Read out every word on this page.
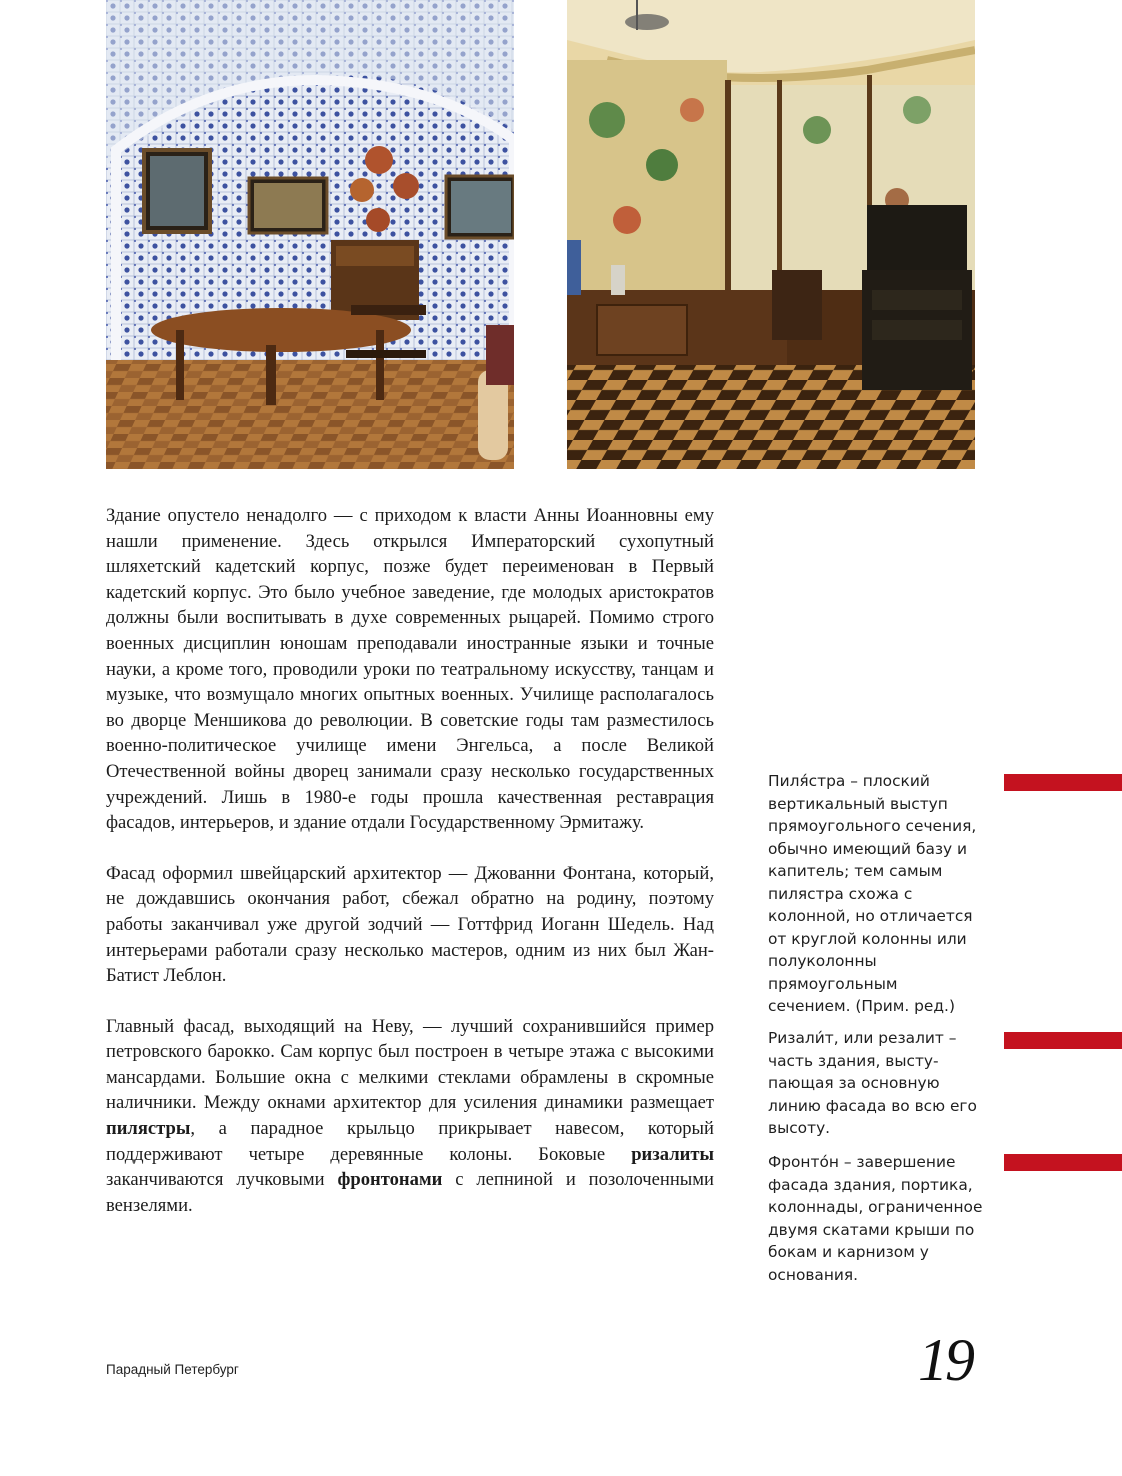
Здание опустело ненадолго — с приходом к власти Анны Иоанновны ему нашли применение. Здесь открылся Императорский сухопутный шляхетский кадетский корпус, позже будет переименован в Первый кадетский корпус. Это было учебное заведение, где молодых аристократов должны были воспитывать в духе современных рыцарей. Помимо строго военных дисциплин юношам преподавали иностранные языки и точные науки, а кроме того, проводили уроки по театральному искусству, танцам и музыке, что возмущало многих опытных военных. Училище располагалось во дворце Меншикова до революции. В советские годы там разместилось военно-политическое училище имени Энгельса, а после Великой Отечественной войны дворец занимали сразу несколько государственных учреждений. Лишь в 1980-е годы прошла качественная реставрация фасадов, интерьеров, и здание отдали Государственному Эрмитажу.

Фасад оформил швейцарский архитектор — Джованни Фонтана, который, не дождавшись окончания работ, сбежал обратно на родину, поэтому работы заканчивал уже другой зодчий — Готтфрид Иоганн Шедель. Над интерьерами работали сразу несколько мастеров, одним из них был Жан-Батист Леблон.

Главный фасад, выходящий на Неву, — лучший сохранившийся пример петровского барокко. Сам корпус был построен в четыре этажа с высокими мансардами. Большие окна с мелкими стеклами обрамлены в скромные наличники. Между окнами архитектор для усиления динамики размещает пилястры, а парадное крыльцо прикрывает навесом, который поддерживают четыре деревянные колоны. Боковые ризалиты заканчиваются лучковыми фронтонами с лепниной и позолоченными вензелями.

Пиля́стра – плоский вертикальный выступ прямоугольного сечения, обычно имеющий базу и капитель; тем самым пилястра схожа с колонной, но отличается от круглой колонны или полуколонны прямоугольным сечением. (Прим. ред.)
Ризали́т, или резалит – часть здания, выступающая за основную линию фасада во всю его высоту.
Фронто́н – завершение фасада здания, портика, колоннады, ограниченное двумя скатами крыши по бокам и карнизом у основания.
Парадный Петербург	19
